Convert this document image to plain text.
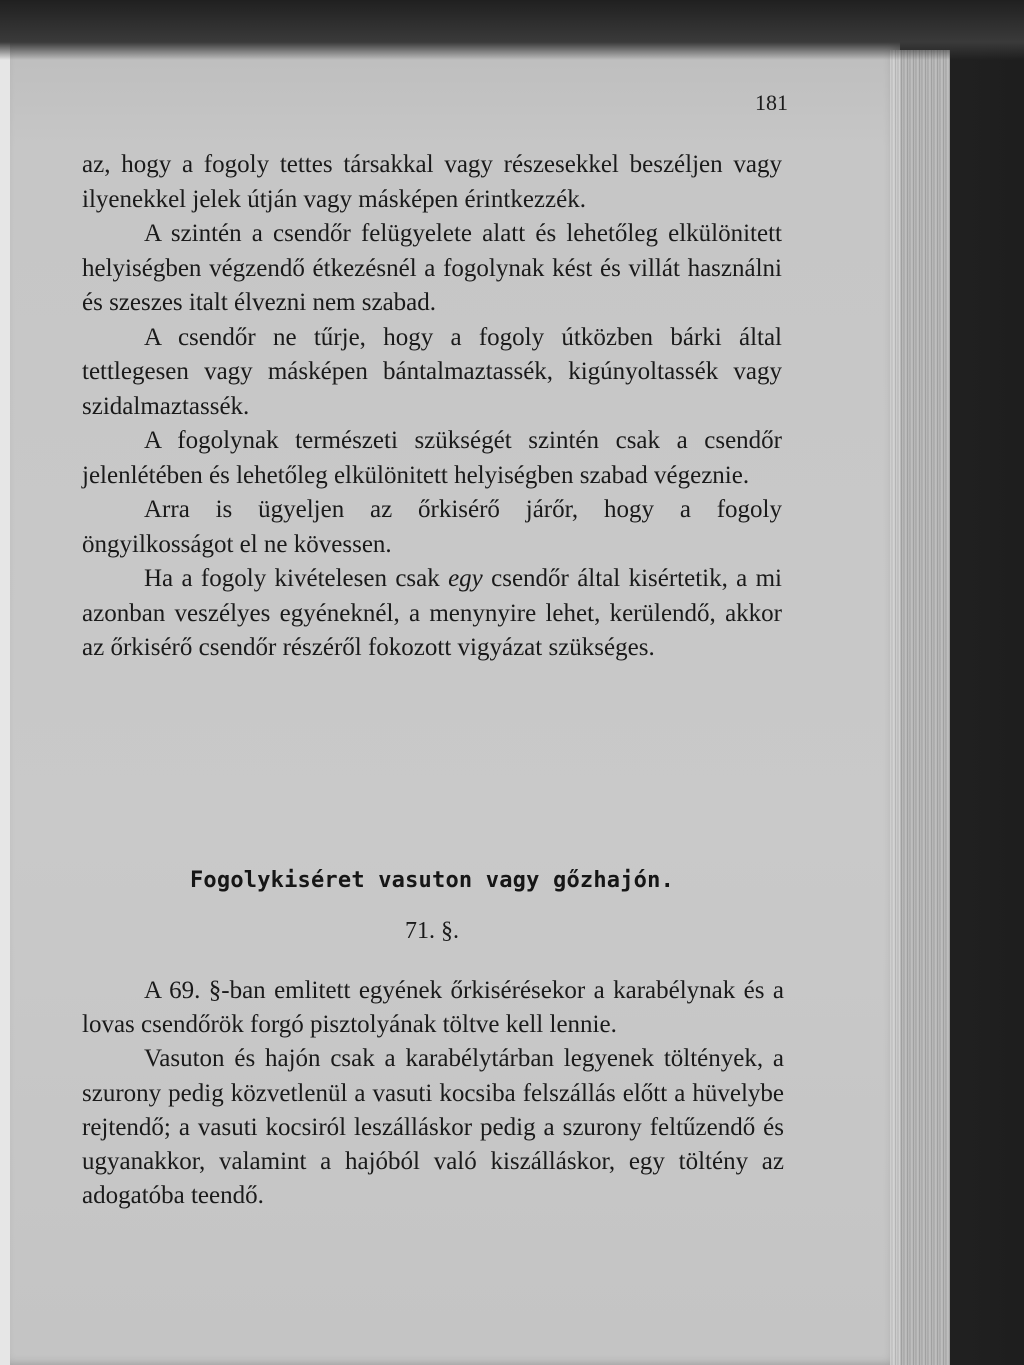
181

az, hogy a fogoly tettes társakkal vagy részesekkel beszéljen vagy ilyenekkel jelek útján vagy másképen érintkezzék.

A szintén a csendőr felügyelete alatt és lehetőleg elkülönitett helyiségben végzendő étkezésnél a fogolynak kést és villát használni és szeszes italt élvezni nem szabad.

A csendőr ne tűrje, hogy a fogoly útközben bárki által tettlegesen vagy másképen bántalmaztassék, kigúnyoltassék vagy szidalmaztassék.

A fogolynak természeti szükségét szintén csak a csendőr jelenlétében és lehetőleg elkülönitett helyiségben szabad végeznie.

Arra is ügyeljen az őrkisérő járőr, hogy a fogoly öngyilkosságot el ne kövessen.

Ha a fogoly kivételesen csak egy csendőr által kisértetik, a mi azonban veszélyes egyéneknél, a menynyire lehet, kerülendő, akkor az őrkisérő csendőr részéről fokozott vigyázat szükséges.

Fogolykiséret vasuton vagy gőzhajón.
71. §.

A 69. §-ban emlitett egyének őrkisérésekor a karabélynak és a lovas csendőrök forgó pisztolyának töltve kell lennie.

Vasuton és hajón csak a karabélytárban legyenek töltények, a szurony pedig közvetlenül a vasuti kocsiba felszállás előtt a hüvelybe rejtendő; a vasuti kocsiról leszálláskor pedig a szurony feltűzendő és ugyanakkor, valamint a hajóból való kiszálláskor, egy töltény az adogatóba teendő.
